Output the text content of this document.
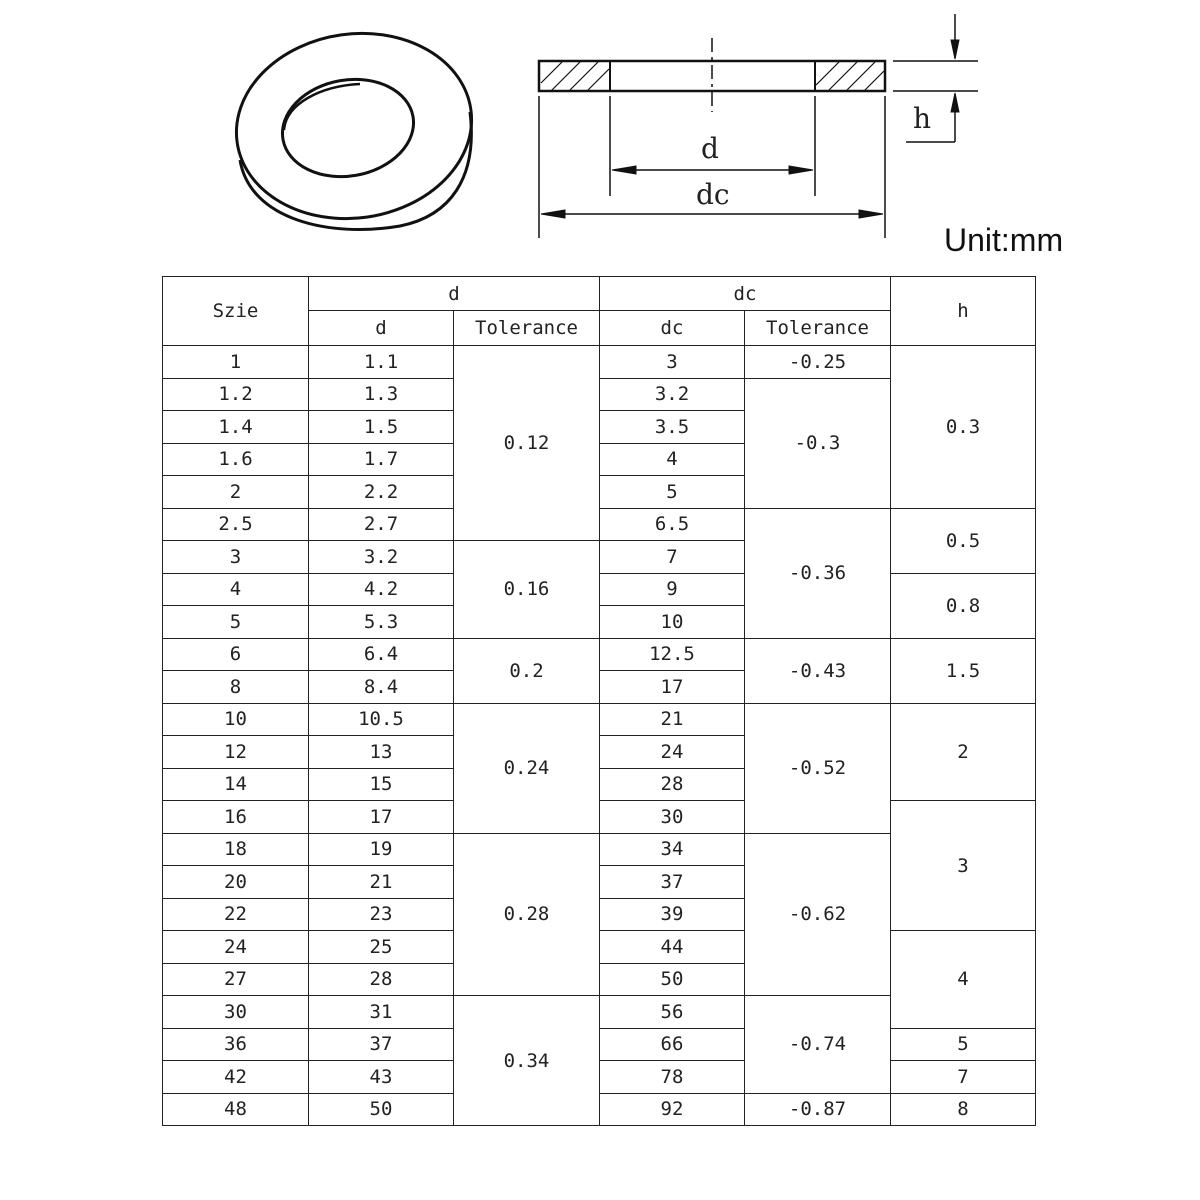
d
dc
h
Unit:mm
Szie	d		dc		h
	d	Tolerance	dc	Tolerance	
1	1.1	0.12	3	-0.25	0.3
1.2	1.3		3.2	-0.3	
1.4	1.5		3.5		
1.6	1.7		4		
2	2.2		5		
2.5	2.7		6.5	-0.36	0.5
3	3.2	0.16	7		
4	4.2		9		0.8
5	5.3		10		
6	6.4	0.2	12.5	-0.43	1.5
8	8.4		17		
10	10.5	0.24	21	-0.52	2
12	13		24		
14	15		28		
16	17		30		3
18	19	0.28	34	-0.62	
20	21		37		
22	23		39		
24	25		44		4
27	28		50		
30	31	0.34	56	-0.74	
36	37		66		5
42	43		78		7
48	50		92	-0.87	8
